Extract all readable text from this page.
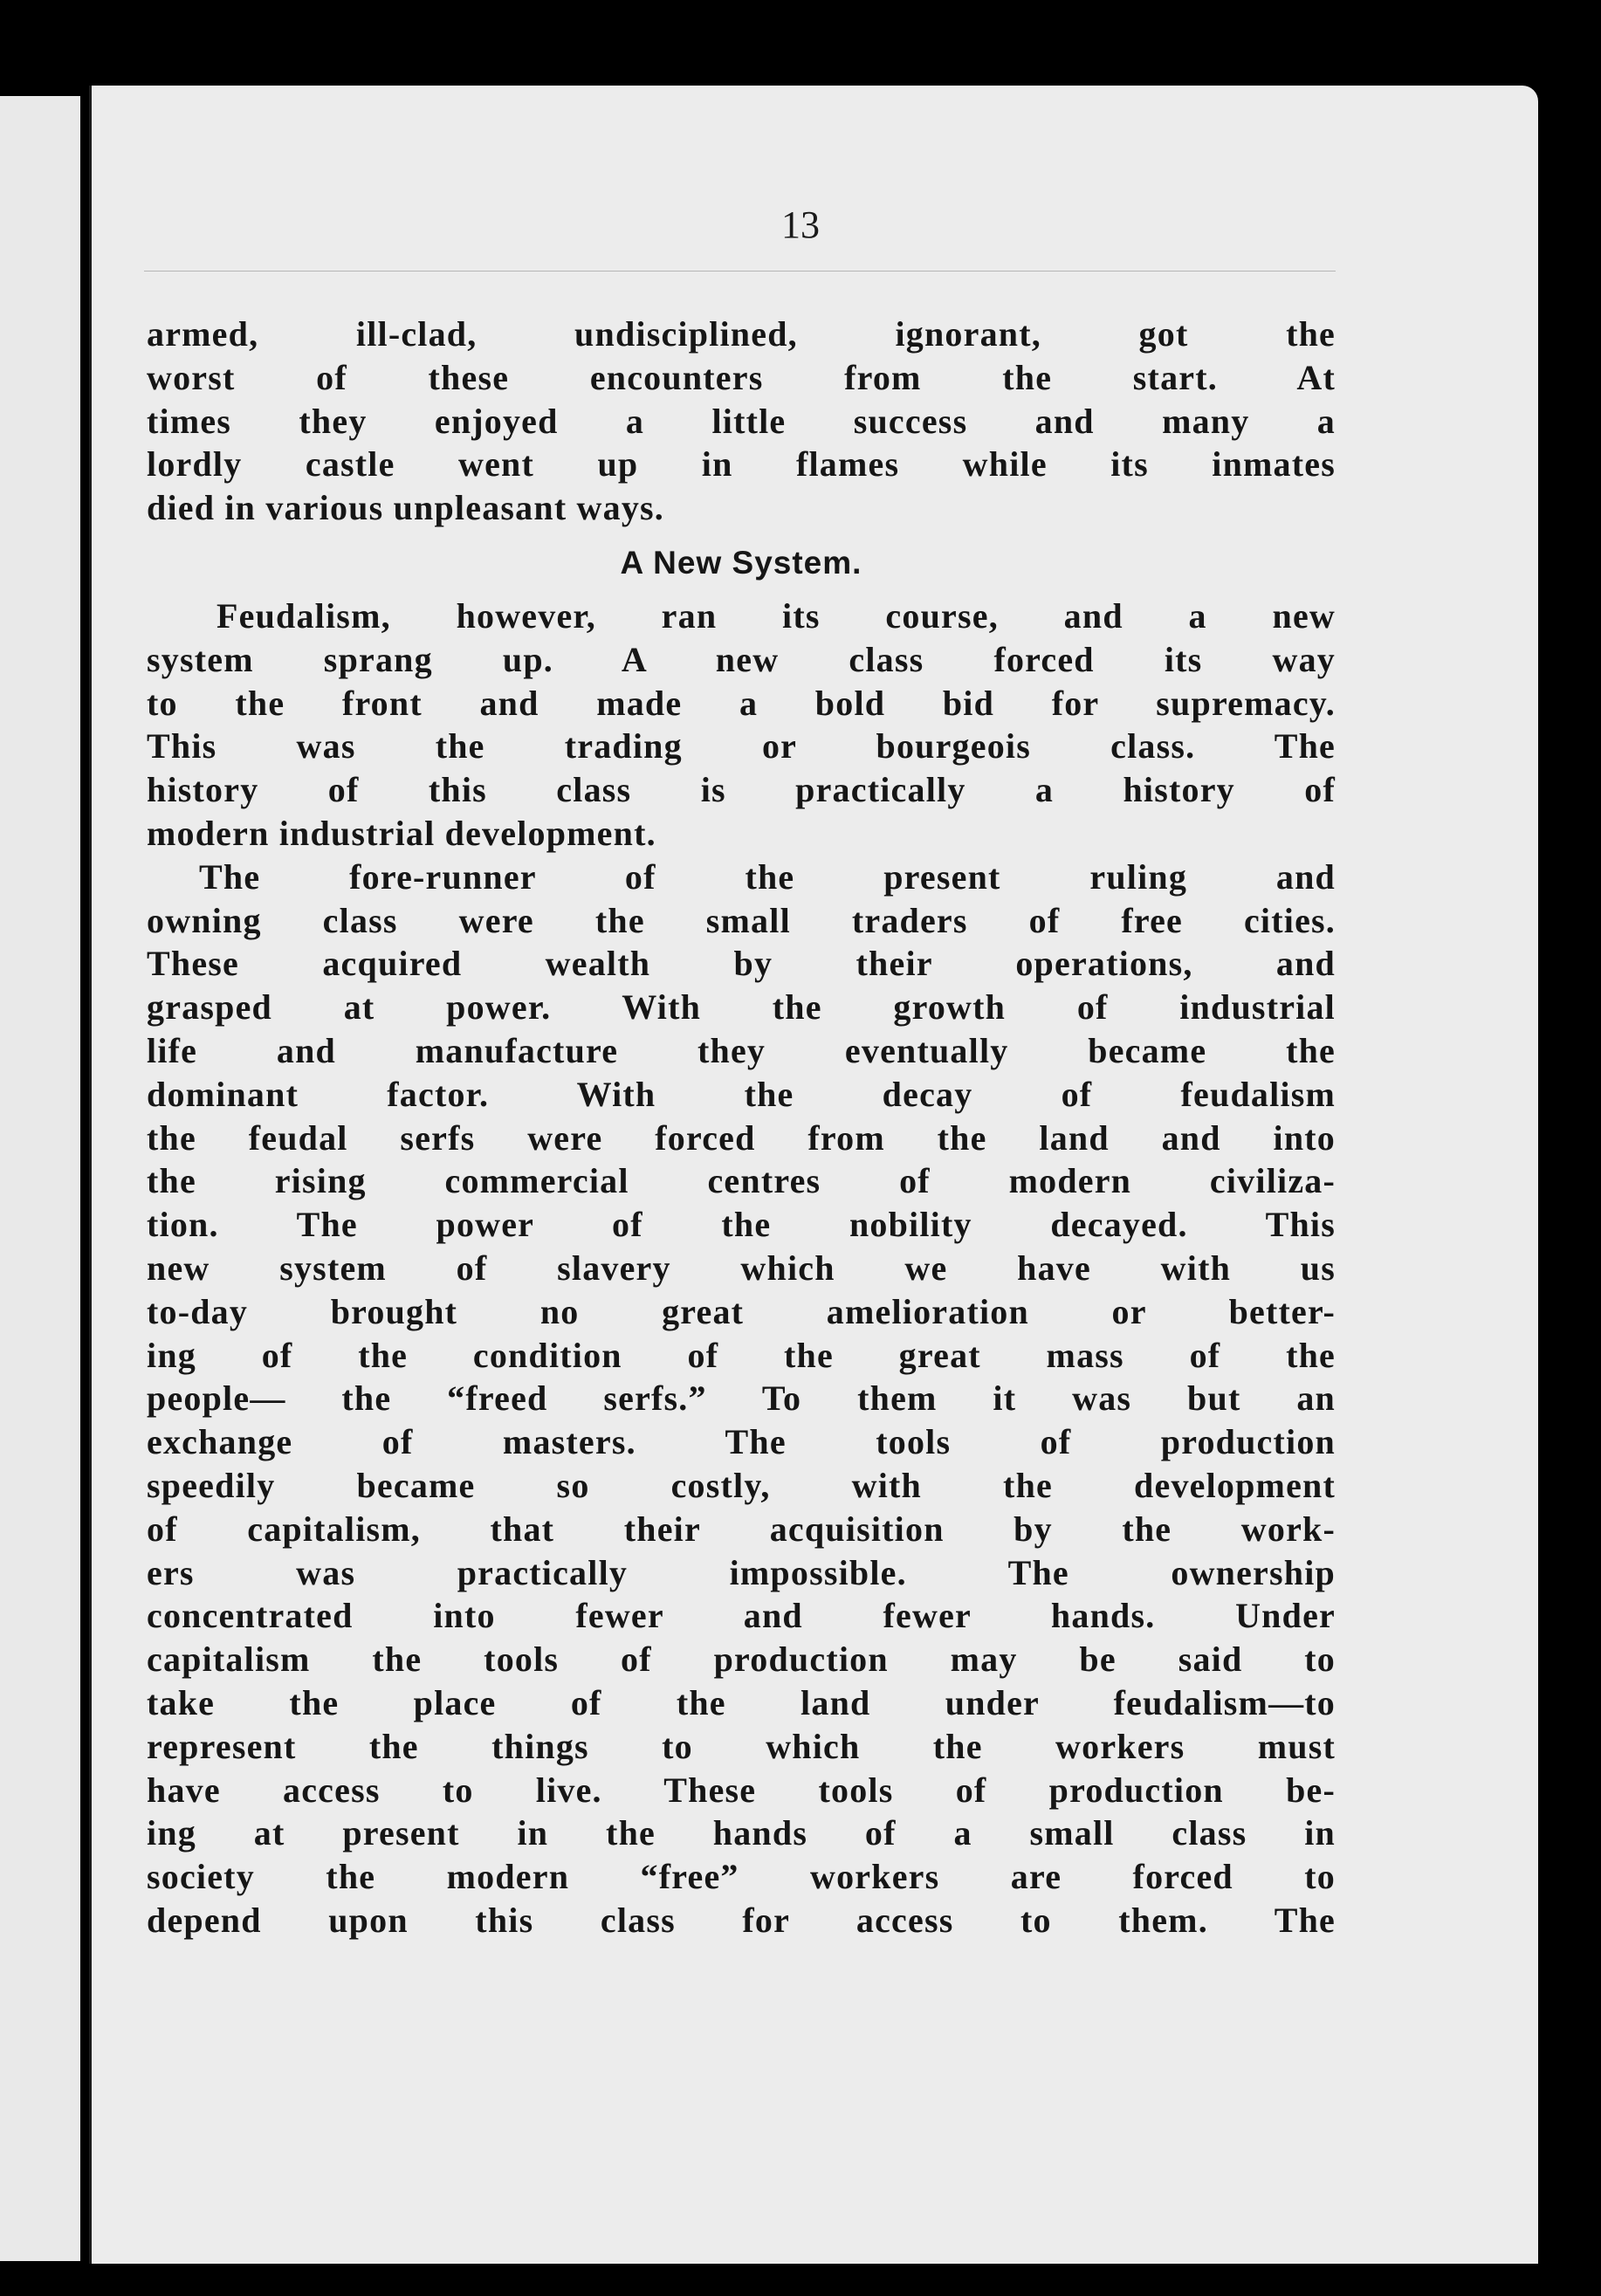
13
armed, ill-clad, undisciplined, ignorant, got the
worst of these encounters from the start. At
times they enjoyed a little success and many a
lordly castle went up in flames while its inmates
died in various unpleasant ways.
A New System.
Feudalism, however, ran its course, and a new
system sprang up. A new class forced its way
to the front and made a bold bid for supremacy.
This was the trading or bourgeois class. The
history of this class is practically a history of
modern industrial development.
The fore-runner of the present ruling and
owning class were the small traders of free cities.
These acquired wealth by their operations, and
grasped at power. With the growth of industrial
life and manufacture they eventually became the
dominant factor. With the decay of feudalism
the feudal serfs were forced from the land and into
the rising commercial centres of modern civiliza-
tion. The power of the nobility decayed. This
new system of slavery which we have with us
to-day brought no great amelioration or better-
ing of the condition of the great mass of the
people— the “freed serfs.” To them it was but an
exchange of masters. The tools of production
speedily became so costly, with the development
of capitalism, that their acquisition by the work-
ers was practically impossible. The ownership
concentrated into fewer and fewer hands. Under
capitalism the tools of production may be said to
take the place of the land under feudalism—to
represent the things to which the workers must
have access to live. These tools of production be-
ing at present in the hands of a small class in
society the modern “free” workers are forced to
depend upon this class for access to them. The
